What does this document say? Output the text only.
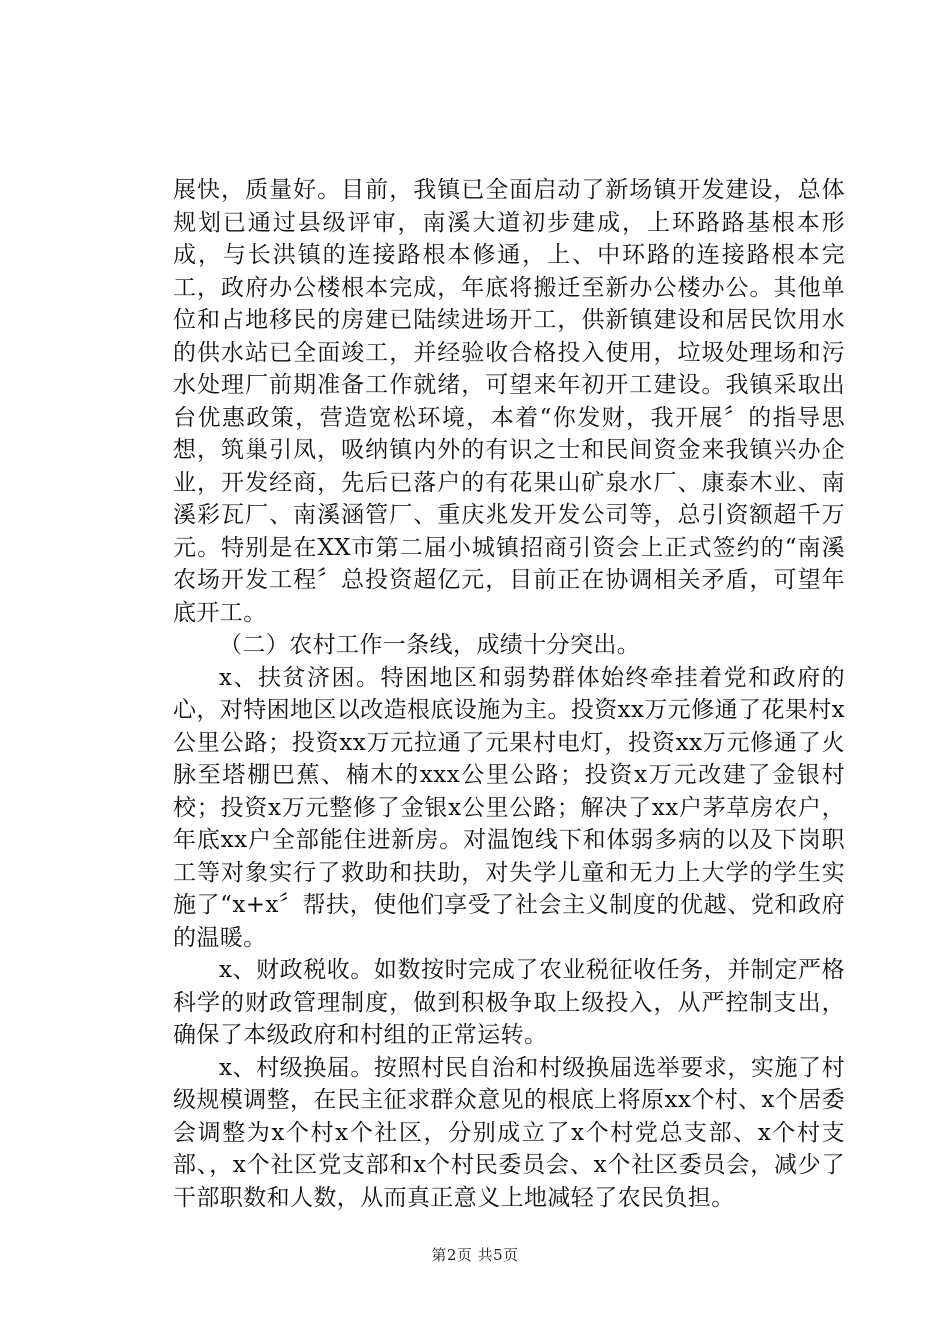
展快，质量好。目前，我镇已全面启动了新场镇开发建设，总体规划已通过县级评审，南溪大道初步建成，上环路路基根本形成，与长洪镇的连接路根本修通，上、中环路的连接路根本完工，政府办公楼根本完成，年底将搬迁至新办公楼办公。其他单位和占地移民的房建已陆续进场开工，供新镇建设和居民饮用水的供水站已全面竣工，并经验收合格投入使用，垃圾处理场和污水处理厂前期准备工作就绪，可望来年初开工建设。我镇采取出台优惠政策，营造宽松环境，本着“你发财，我开展〞的指导思想，筑巢引凤，吸纳镇内外的有识之士和民间资金来我镇兴办企业，开发经商，先后已落户的有花果山矿泉水厂、康泰木业、南溪彩瓦厂、南溪涵管厂、重庆兆发开发公司等，总引资额超千万元。特别是在XX市第二届小城镇招商引资会上正式签约的“南溪农场开发工程〞总投资超亿元，目前正在协调相关矛盾，可望年底开工。

（二）农村工作一条线，成绩十分突出。

x、扶贫济困。特困地区和弱势群体始终牵挂着党和政府的心，对特困地区以改造根底设施为主。投资xx万元修通了花果村x公里公路；投资xx万元拉通了元果村电灯，投资xx万元修通了火脉至塔棚巴蕉、楠木的xxx公里公路；投资x万元改建了金银村校；投资x万元整修了金银x公里公路；解决了xx户茅草房农户，年底xx户全部能住进新房。对温饱线下和体弱多病的以及下岗职工等对象实行了救助和扶助，对失学儿童和无力上大学的学生实施了“x+x〞帮扶，使他们享受了社会主义制度的优越、党和政府的温暖。

x、财政税收。如数按时完成了农业税征收任务，并制定严格科学的财政管理制度，做到积极争取上级投入，从严控制支出，确保了本级政府和村组的正常运转。

x、村级换届。按照村民自治和村级换届选举要求，实施了村级规模调整，在民主征求群众意见的根底上将原xx个村、x个居委会调整为x个村x个社区，分别成立了x个村党总支部、x个村支部、，x个社区党支部和x个村民委员会、x个社区委员会，减少了干部职数和人数，从而真正意义上地减轻了农民负担。

第2页 共5页
